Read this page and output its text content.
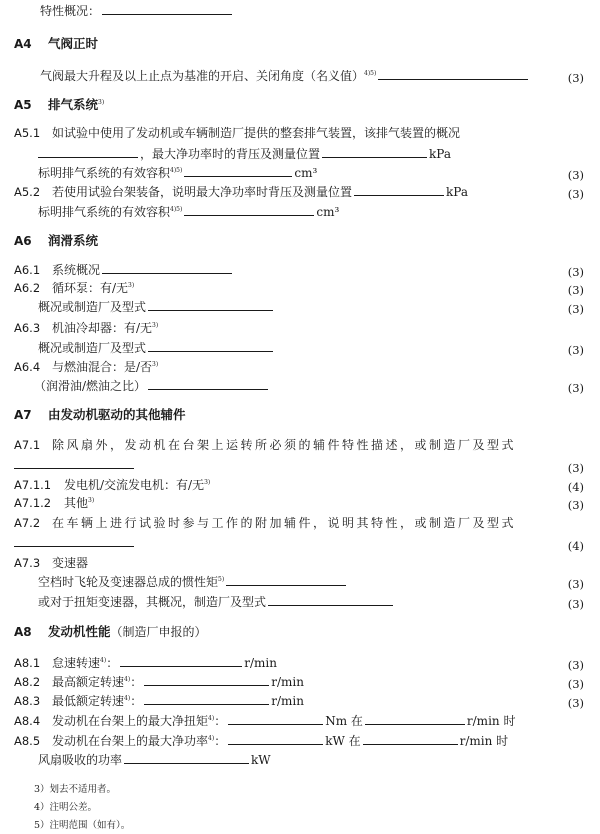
特性概况：
A4 气阀正时
气阀最大升程及以上止点为基准的开启、关闭角度（名义值）$^{4)5)}$	(3)
A5 排气系统$^{3)}$
A5.1 如试验中使用了发动机或车辆制造厂提供的整套排气装置，该排气装置的概况
，最大净功率时的背压及测量位置	kPa
标明排气系统的有效容积$^{4)5)}$	cm³	(3)
A5.2 若使用试验台架装备，说明最大净功率时背压及测量位置	kPa	(3)
标明排气系统的有效容积$^{4)5)}$	cm³
A6 润滑系统
A6.1 系统概况	(3)
A6.2 循环泵：有/无$^{3)}$	(3)
概况或制造厂及型式	(3)
A6.3 机油冷却器：有/无$^{3)}$
概况或制造厂及型式	(3)
A6.4 与燃油混合：是/否$^{3)}$
（润滑油/燃油之比）	(3)
A7 由发动机驱动的其他辅件
A7.1 除风扇外，发动机在台架上运转所必须的辅件特性描述，或制造厂及型式
(3)
A7.1.1 发电机/交流发电机：有/无$^{3)}$	(4)
A7.1.2 其他$^{3)}$	(3)
A7.2 在车辆上进行试验时参与工作的附加辅件，说明其特性，或制造厂及型式
(4)
A7.3 变速器
空档时飞轮及变速器总成的惯性矩$^{5)}$	(3)
或对于扭矩变速器，其概况，制造厂及型式	(3)
A8 发动机性能（制造厂申报的）
A8.1 怠速转速$^{4)}$：	r/min	(3)
A8.2 最高额定转速$^{4)}$：	r/min	(3)
A8.3 最低额定转速$^{4)}$：	r/min	(3)
A8.4 发动机在台架上的最大净扭矩$^{4)}$：	Nm 在	r/min 时
A8.5 发动机在台架上的最大净功率$^{4)}$：	kW 在	r/min 时
风扇吸收的功率	kW
3）划去不适用者。
4）注明公差。
5）注明范围（如有）。
